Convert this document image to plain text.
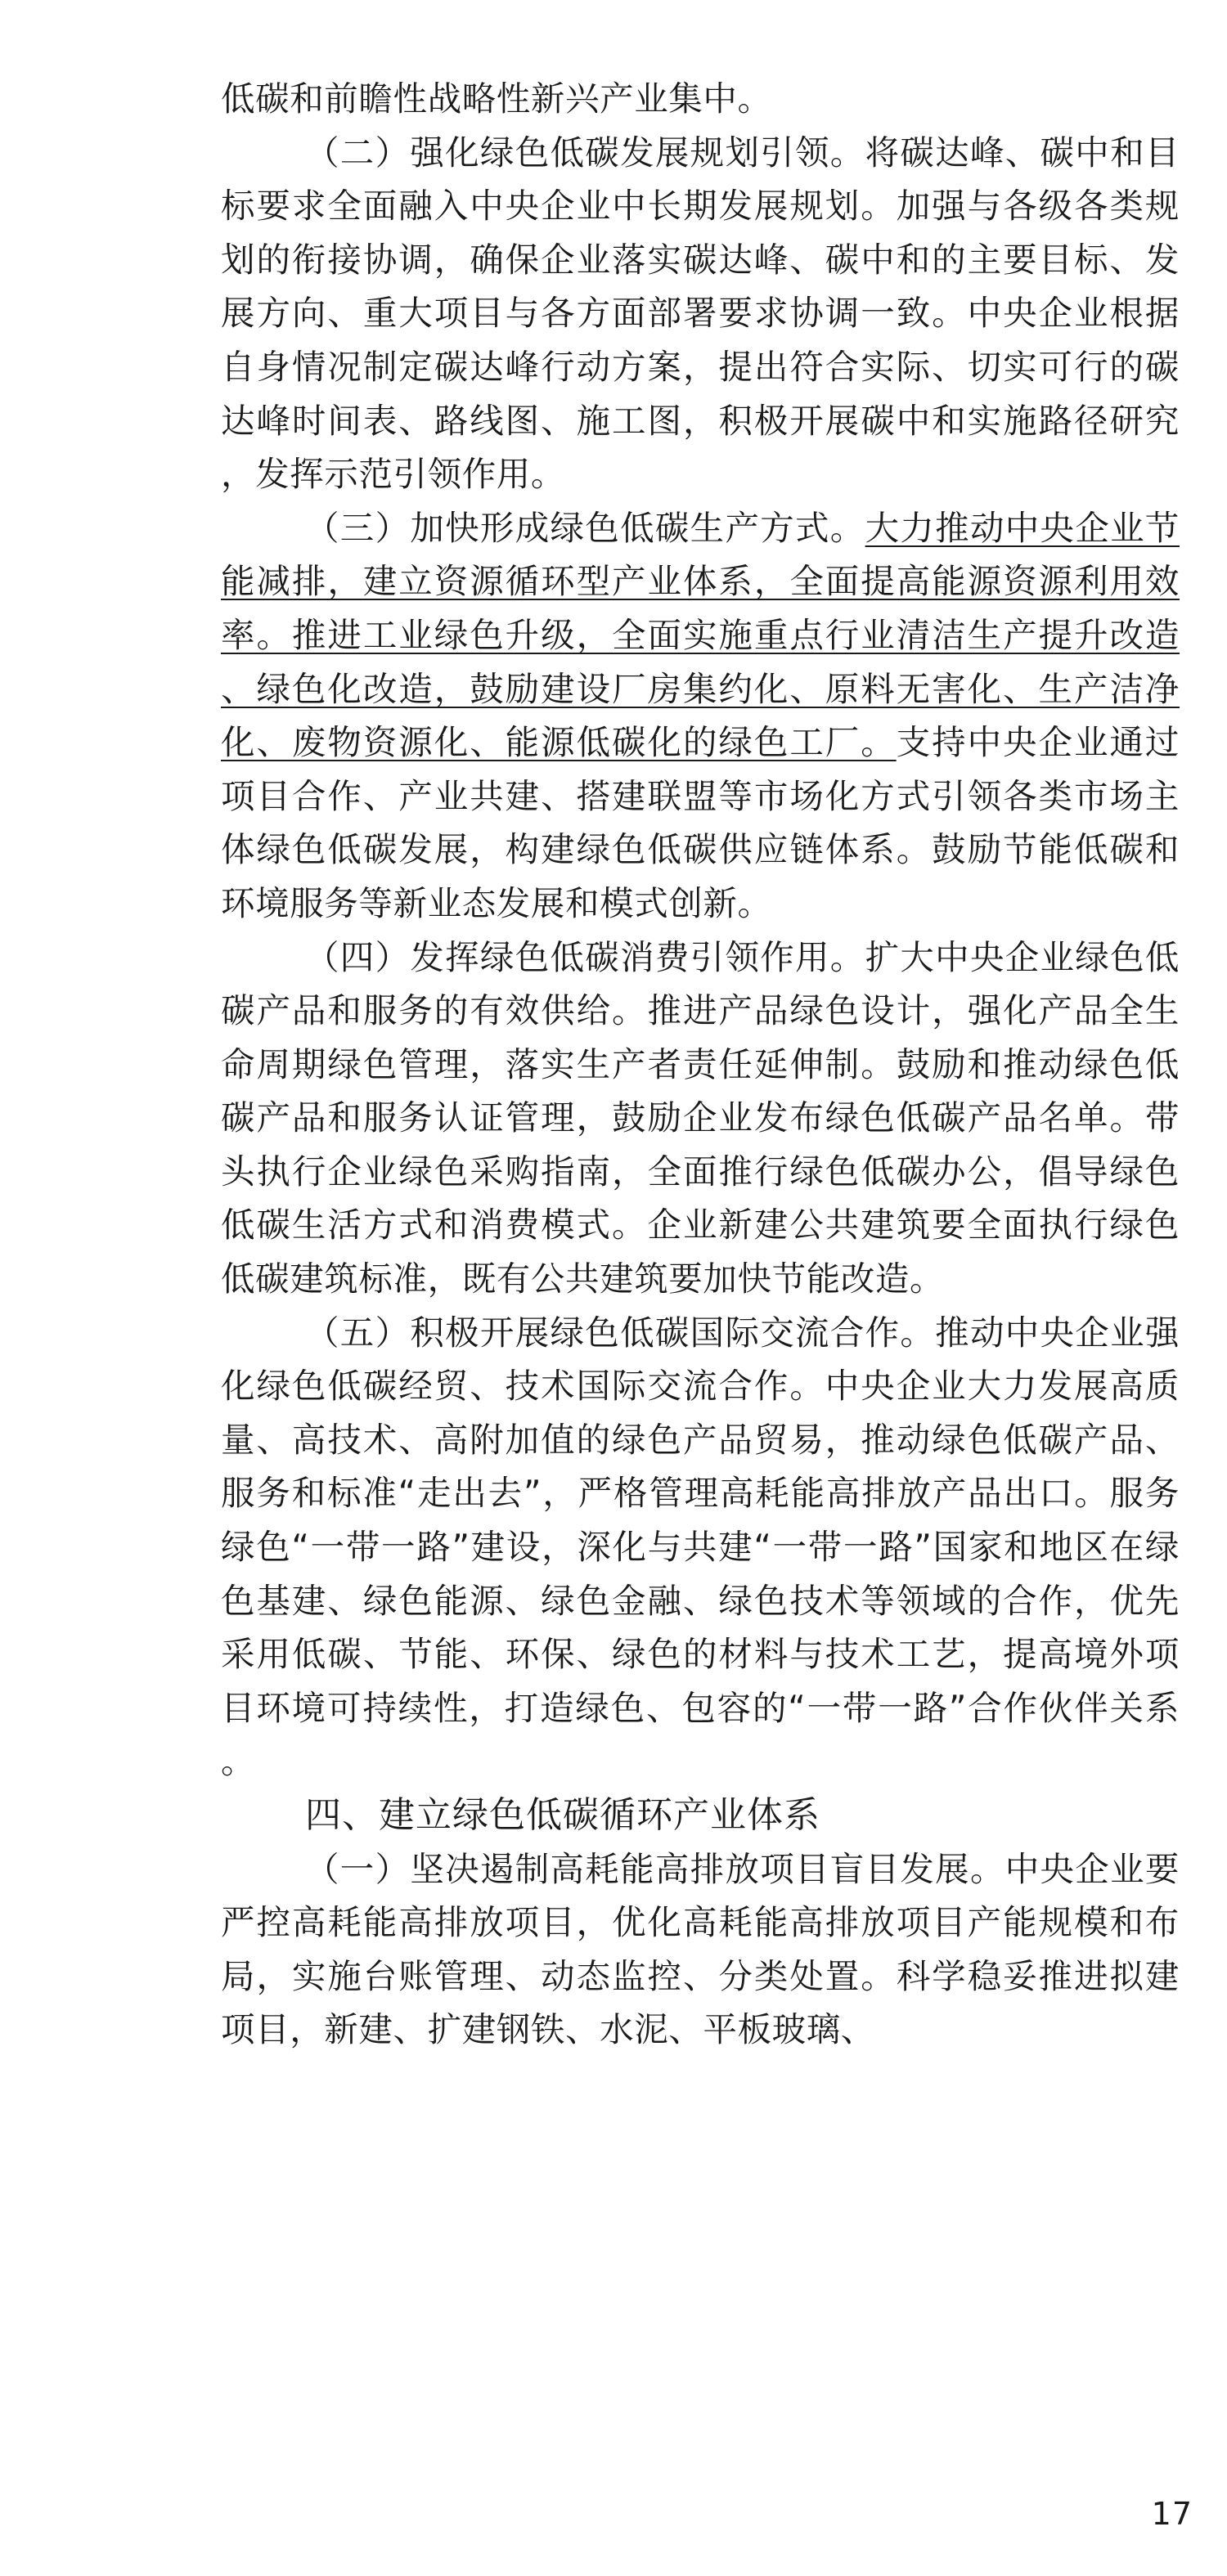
低碳和前瞻性战略性新兴产业集中。

（二）强化绿色低碳发展规划引领。将碳达峰、碳中和目标要求全面融入中央企业中长期发展规划。加强与各级各类规划的衔接协调，确保企业落实碳达峰、碳中和的主要目标、发展方向、重大项目与各方面部署要求协调一致。中央企业根据自身情况制定碳达峰行动方案，提出符合实际、切实可行的碳达峰时间表、路线图、施工图，积极开展碳中和实施路径研究，发挥示范引领作用。

（三）加快形成绿色低碳生产方式。大力推动中央企业节能减排，建立资源循环型产业体系，全面提高能源资源利用效率。推进工业绿色升级，全面实施重点行业清洁生产提升改造、绿色化改造，鼓励建设厂房集约化、原料无害化、生产洁净化、废物资源化、能源低碳化的绿色工厂。支持中央企业通过项目合作、产业共建、搭建联盟等市场化方式引领各类市场主体绿色低碳发展，构建绿色低碳供应链体系。鼓励节能低碳和环境服务等新业态发展和模式创新。

（四）发挥绿色低碳消费引领作用。扩大中央企业绿色低碳产品和服务的有效供给。推进产品绿色设计，强化产品全生命周期绿色管理，落实生产者责任延伸制。鼓励和推动绿色低碳产品和服务认证管理，鼓励企业发布绿色低碳产品名单。带头执行企业绿色采购指南，全面推行绿色低碳办公，倡导绿色低碳生活方式和消费模式。企业新建公共建筑要全面执行绿色低碳建筑标准，既有公共建筑要加快节能改造。

（五）积极开展绿色低碳国际交流合作。推动中央企业强化绿色低碳经贸、技术国际交流合作。中央企业大力发展高质量、高技术、高附加值的绿色产品贸易，推动绿色低碳产品、服务和标准“走出去”，严格管理高耗能高排放产品出口。服务绿色“一带一路”建设，深化与共建“一带一路”国家和地区在绿色基建、绿色能源、绿色金融、绿色技术等领域的合作，优先采用低碳、节能、环保、绿色的材料与技术工艺，提高境外项目环境可持续性，打造绿色、包容的“一带一路”合作伙伴关系。

四、建立绿色低碳循环产业体系

（一）坚决遏制高耗能高排放项目盲目发展。中央企业要严控高耗能高排放项目，优化高耗能高排放项目产能规模和布局，实施台账管理、动态监控、分类处置。科学稳妥推进拟建项目，新建、扩建钢铁、水泥、平板玻璃、

17
